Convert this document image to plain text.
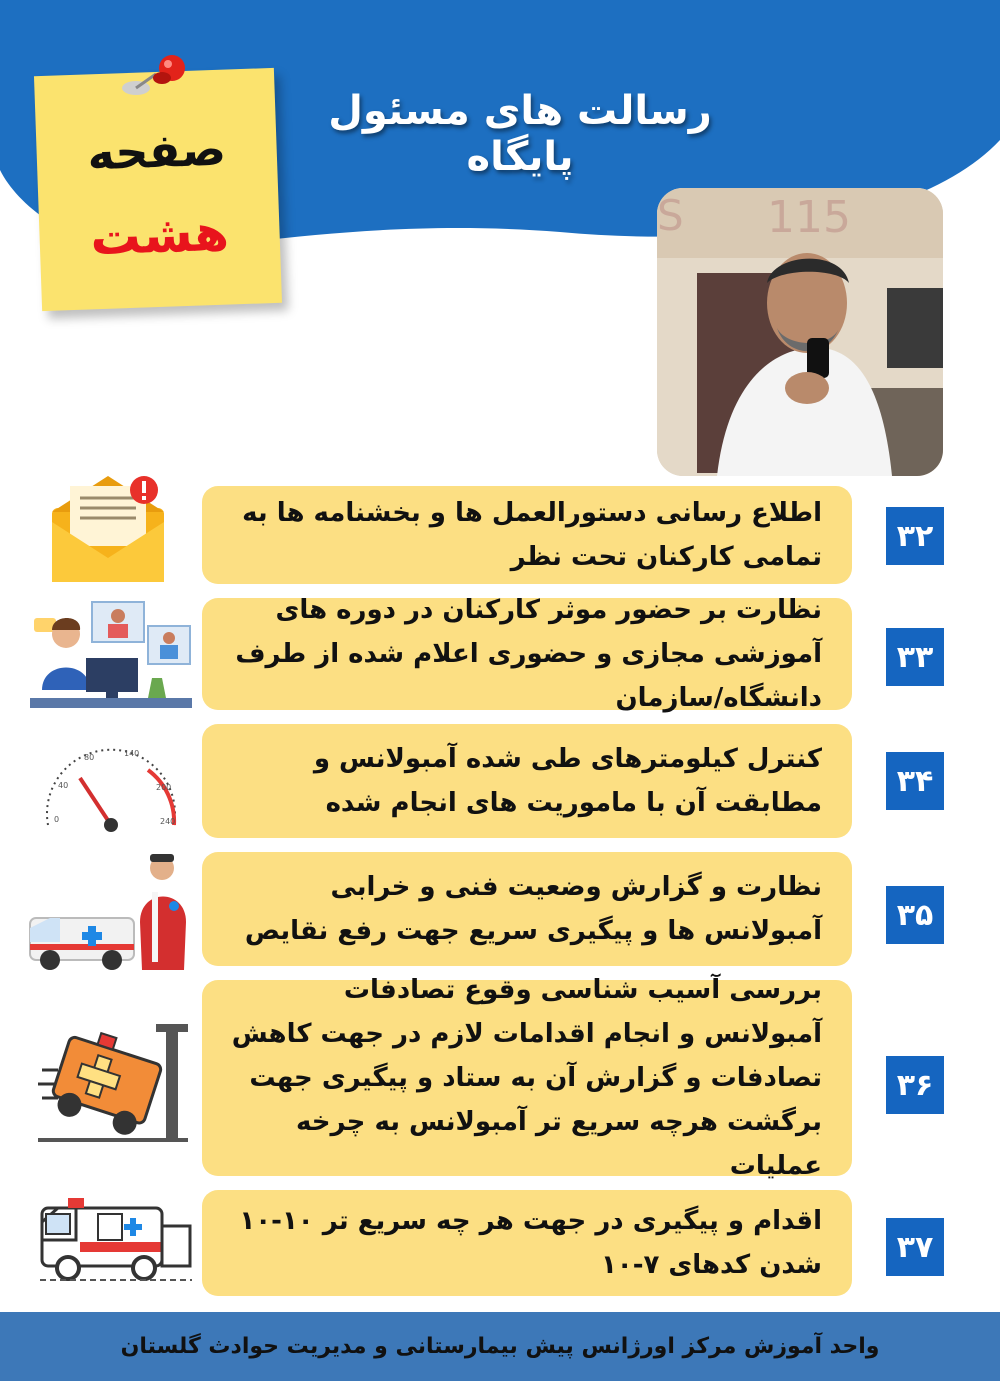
رسالت های مسئول پایگاه
صفحه
هشت	S 115
اطلاع رسانی دستورالعمل ها و بخشنامه ها به تمامی کارکنان تحت نظر
۳۲
نظارت بر حضور موثر کارکنان در دوره های آموزشی مجازی و حضوری اعلام شده از طرف دانشگاه/سازمان
۳۳
کنترل کیلومترهای طی شده آمبولانس و مطابقت آن با ماموریت های انجام شده
۳۴
0
40
80	140
200
240
نظارت و گزارش وضعیت فنی و خرابی آمبولانس ها و پیگیری سریع جهت رفع نقایص	۳۵
بررسی آسیب شناسی وقوع تصادفات آمبولانس و انجام اقدامات لازم در جهت کاهش تصادفات و گزارش آن به ستاد و پیگیری جهت برگشت هرچه سریع تر آمبولانس به چرخه عملیات
۳۶
اقدام و پیگیری در جهت هر چه سریع تر ۱۰-۱۰ شدن کدهای ۷-۱۰
۳۷
واحد آموزش مرکز اورژانس پیش بیمارستانی و مدیریت حوادث گلستان
